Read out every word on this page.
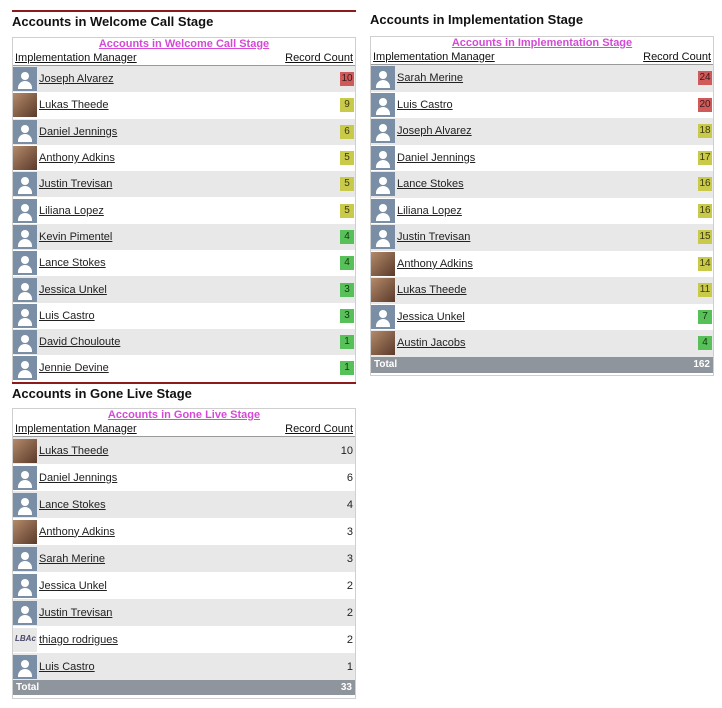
Accounts in Welcome Call Stage
Accounts in Welcome Call Stage
Implementation Manager	Record Count
Joseph Alvarez	10
Lukas Theede	9
Daniel Jennings	6
Anthony Adkins	5
Justin Trevisan	5
Liliana Lopez	5
Kevin Pimentel	4
Lance Stokes	4
Jessica Unkel	3
Luis Castro	3
David Chouloute	1
Jennie Devine	1
Accounts in Implementation Stage
Accounts in Implementation Stage
Implementation Manager	Record Count
Sarah Merine	24
Luis Castro	20
Joseph Alvarez	18
Daniel Jennings	17
Lance Stokes	16
Liliana Lopez	16
Justin Trevisan	15
Anthony Adkins	14
Lukas Theede	11
Jessica Unkel	7
Austin Jacobs	4
Total	162
Accounts in Gone Live Stage
Accounts in Gone Live Stage
Implementation Manager	Record Count
Lukas Theede	10
Daniel Jennings	6
Lance Stokes	4
Anthony Adkins	3
Sarah Merine	3
Jessica Unkel	2
Justin Trevisan	2
LBAc thiago rodrigues	2
Luis Castro	1
Total	33
